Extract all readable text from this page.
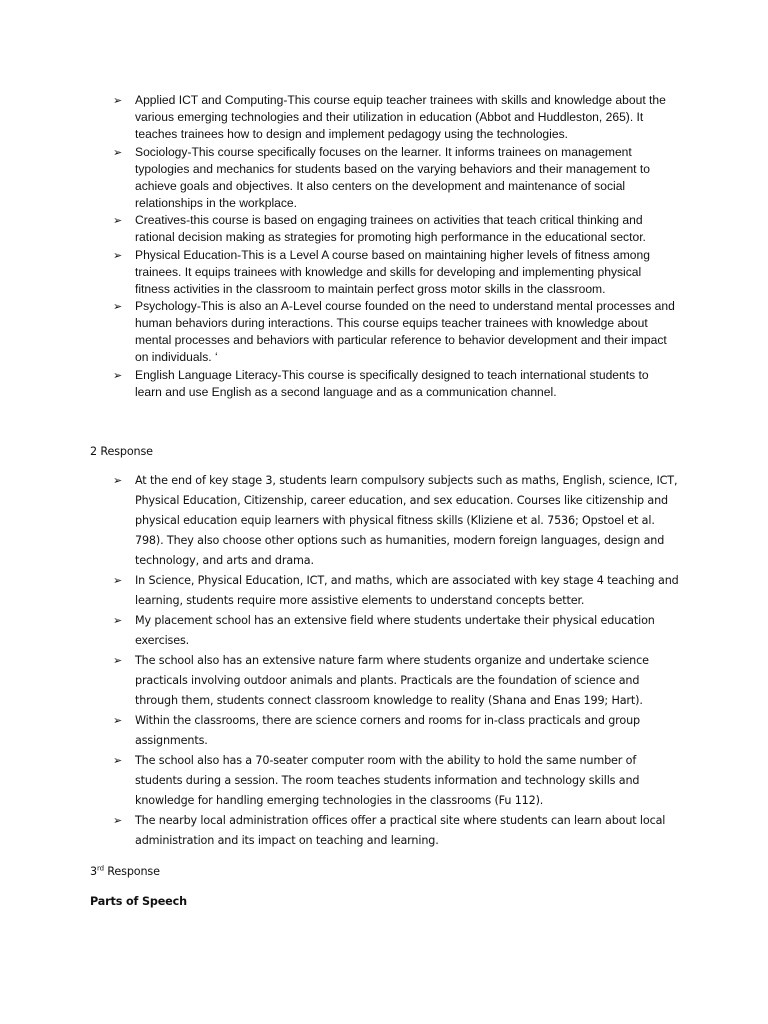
➢ Applied ICT and Computing-This course equip teacher trainees with skills and knowledge about the various emerging technologies and their utilization in education (Abbot and Huddleston, 265). It teaches trainees how to design and implement pedagogy using the technologies.
➢ Sociology-This course specifically focuses on the learner. It informs trainees on management typologies and mechanics for students based on the varying behaviors and their management to achieve goals and objectives. It also centers on the development and maintenance of social relationships in the workplace.
➢ Creatives-this course is based on engaging trainees on activities that teach critical thinking and rational decision making as strategies for promoting high performance in the educational sector.
➢ Physical Education-This is a Level A course based on maintaining higher levels of fitness among trainees. It equips trainees with knowledge and skills for developing and implementing physical fitness activities in the classroom to maintain perfect gross motor skills in the classroom.
➢ Psychology-This is also an A-Level course founded on the need to understand mental processes and human behaviors during interactions. This course equips teacher trainees with knowledge about mental processes and behaviors with particular reference to behavior development and their impact on individuals. ‘
➢ English Language Literacy-This course is specifically designed to teach international students to learn and use English as a second language and as a communication channel.
2 Response
➢ At the end of key stage 3, students learn compulsory subjects such as maths, English, science, ICT, Physical Education, Citizenship, career education, and sex education. Courses like citizenship and physical education equip learners with physical fitness skills (Kliziene et al. 7536; Opstoel et al. 798). They also choose other options such as humanities, modern foreign languages, design and technology, and arts and drama.
➢ In Science, Physical Education, ICT, and maths, which are associated with key stage 4 teaching and learning, students require more assistive elements to understand concepts better.
➢ My placement school has an extensive field where students undertake their physical education exercises.
➢ The school also has an extensive nature farm where students organize and undertake science practicals involving outdoor animals and plants. Practicals are the foundation of science and through them, students connect classroom knowledge to reality (Shana and Enas 199; Hart).
➢ Within the classrooms, there are science corners and rooms for in-class practicals and group assignments.
➢ The school also has a 70-seater computer room with the ability to hold the same number of students during a session. The room teaches students information and technology skills and knowledge for handling emerging technologies in the classrooms (Fu 112).
➢ The nearby local administration offices offer a practical site where students can learn about local administration and its impact on teaching and learning.
3rd Response
Parts of Speech
